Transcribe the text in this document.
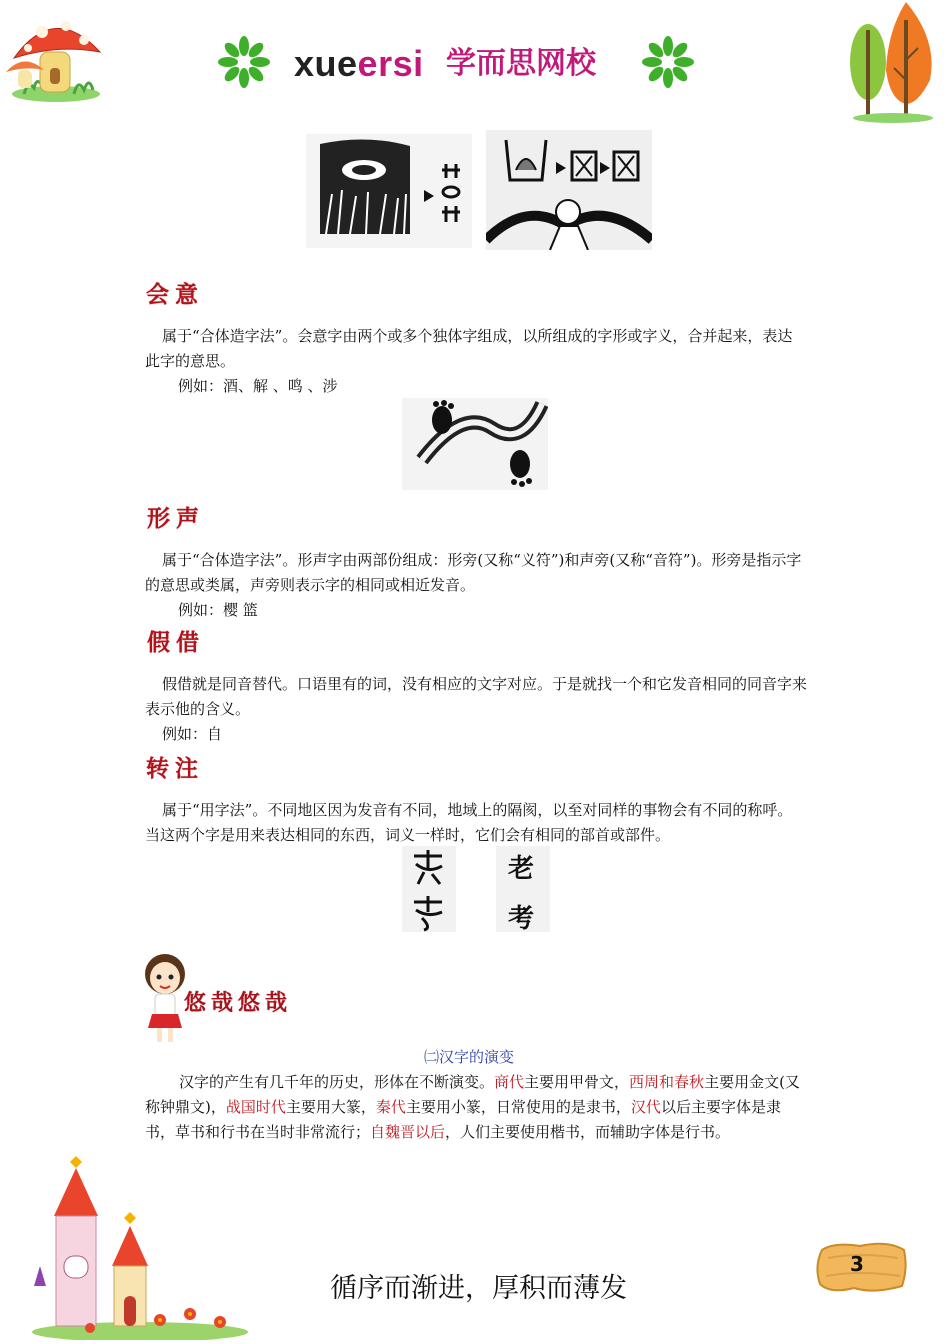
xueersi 学而思网校
会意
属于“合体造字法”。会意字由两个或多个独体字组成，以所组成的字形或字义，合并起来，表达此字的意思。
例如：酒、解 、鸣 、涉
形声
属于“合体造字法”。形声字由两部份组成：形旁(又称“义符”)和声旁(又称“音符”)。形旁是指示字的意思或类属，声旁则表示字的相同或相近发音。
例如：樱 篮
假借
假借就是同音替代。口语里有的词，没有相应的文字对应。于是就找一个和它发音相同的同音字来表示他的含义。
例如：自
转注
属于“用字法”。不同地区因为发音有不同，地域上的隔阂，以至对同样的事物会有不同的称呼。当这两个字是用来表达相同的东西，词义一样时，它们会有相同的部首或部件。
老
考
悠哉悠哉
㈡汉字的演变
汉字的产生有几千年的历史，形体在不断演变。商代主要用甲骨文，西周和春秋主要用金文(又称钟鼎文)，战国时代主要用大篆，秦代主要用小篆，日常使用的是隶书，汉代以后主要字体是隶书，草书和行书在当时非常流行；自魏晋以后，人们主要使用楷书，而辅助字体是行书。
循序而渐进，厚积而薄发
3
